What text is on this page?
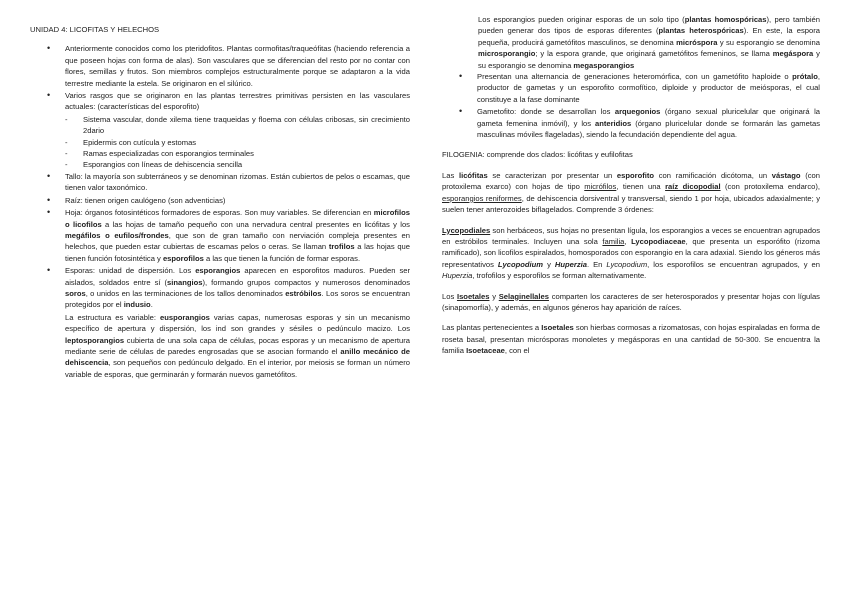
UNIDAD 4: LICOFITAS Y HELECHOS

• Anteriormente conocidos como los pteridofitos. Plantas cormofitas/traqueófitas (haciendo referencia a que poseen hojas con forma de alas). Son vasculares que se diferencian del resto por no contar con flores, semillas y frutos. Son miembros complejos estructuralmente porque se adaptaron a la vida terrestre mediante la estela. Se originaron en el silúrico.
• Varios rasgos que se originaron en las plantas terrestres primitivas persisten en las vasculares actuales: (características del esporofito)
- Sistema vascular, donde xilema tiene traqueidas y floema con células cribosas, sin crecimiento 2dario
- Epidermis con cutícula y estomas
- Ramas especializadas con esporangios terminales
- Esporangios con líneas de dehiscencia sencilla
• Tallo: la mayoría son subterráneos y se denominan rizomas. Están cubiertos de pelos o escamas, que tienen valor taxonómico.
• Raíz: tienen origen caulógeno (son adventicias)
• Hoja: órganos fotosintéticos formadores de esporas. Son muy variables. Se diferencian en microfilos o licofilos a las hojas de tamaño pequeño con una nervadura central presentes en licófitas y los megáfilos o eufilos/frondes, que son de gran tamaño con nerviación compleja presentes en helechos, que pueden estar cubiertas de escamas pelos o ceras. Se llaman trofilos a las hojas que tienen función fotosintética y esporofilos a las que tienen la función de formar esporas.
• Esporas: unidad de dispersión. Los esporangios aparecen en esporofitos maduros. Pueden ser aislados, soldados entre sí (sinangios), formando grupos compactos y numerosos denominados soros, o unidos en las terminaciones de los tallos denominados estróbilos. Los soros se encuentran protegidos por el indusio.
La estructura es variable: eusporangios varias capas, numerosas esporas y sin un mecanismo específico de apertura y dispersión, los ind son grandes y sésiles o pedúnculo macizo. Los leptosporangios cubierta de una sola capa de células, pocas esporas y un mecanismo de apertura mediante serie de células de paredes engrosadas que se asocian formando el anillo mecánico de dehiscencia, son pequeños con pedúnculo delgado. En el interior, por meiosis se forman un número variable de esporas, que germinarán y formarán nuevos gametófitos.
Los esporangios pueden originar esporas de un solo tipo (plantas homospóricas), pero también pueden generar dos tipos de esporas diferentes (plantas heterospóricas). En este, la espora pequeña, producirá gametófitos masculinos, se denomina micróspora y su esporangio se denomina microsporangio; y la espora grande, que originará gametófitos femeninos, se llama megáspora y su esporangio se denomina megasporangios
• Presentan una alternancia de generaciones heteromórfica, con un gametófito haploide o prótalo, productor de gametas y un esporofito cormofítico, diploide y productor de meiósporas, el cual constituye a la fase dominante
• Gametofito: donde se desarrollan los arquegonios (órgano sexual pluricelular que originará la gameta femenina inmóvil), y los anteridios (órgano pluricelular donde se formarán las gametas masculinas móviles flageladas), siendo la fecundación dependiente del agua.

FILOGENIA: comprende dos clados: licófitas y eufilofitas

Las licófitas se caracterizan por presentar un esporofito con ramificación dicótoma, un vástago (con protoxilema exarco) con hojas de tipo micrófilos, tienen una raíz dicopodial (con protoxilema endarco), esporangios reniformes, de dehiscencia dorsiventral y transversal, siendo 1 por hoja, ubicados adaxialmente; y suelen tener anterozoides biflagelados. Comprende 3 órdenes:

Lycopodiales son herbáceos, sus hojas no presentan lígula, los esporangios a veces se encuentran agrupados en estróbilos terminales. Incluyen una sola familia, Lycopodiaceae, que presenta un esporófito (rizoma ramificado), son licofilos espiralados, homosporados con esporangio en la cara adaxial. Siendo los géneros más representativos Lycopodium y Huperzia. En Lycopodium, los esporofilos se encuentran agrupados, y en Huperzia, trofofilos y esporofilos se forman alternativamente.

Los Isoetales y Selaginellales comparten los caracteres de ser heterosporados y presentar hojas con lígulas (sinapomorfía), y además, en algunos géneros hay aparición de raíces.

Las plantas pertenecientes a Isoetales son hierbas cormosas a rizomatosas, con hojas espiraladas en forma de roseta basal, presentan micrósporas monoletes y megásporas en una cantidad de 50-300. Se encuentra la familia Isoetaceae, con el
